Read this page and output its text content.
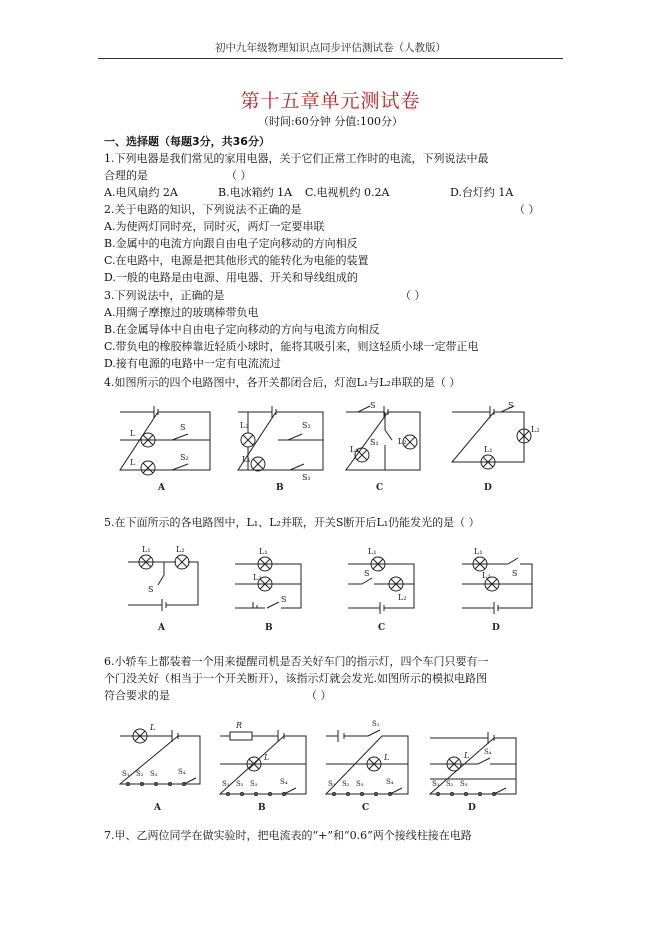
初中九年级物理知识点同步评估测试卷（人教版）
第十五章单元测试卷
（时间:60分钟 分值:100分）
一、选择题（每题3分，共36分）
1.下列电器是我们常见的家用电器，关于它们正常工作时的电流，下列说法中最
合理的是	（ ）
A.电风扇约 2A	B.电冰箱约 1A C.电视机约 0.2A	D.台灯约 1A
2.关于电路的知识，下列说法不正确的是	（ ）
A.为使两灯同时亮，同时灭，两灯一定要串联
B.金属中的电流方向跟自由电子定向移动的方向相反
C.在电路中，电源是把其他形式的能转化为电能的装置
D.一般的电路是由电源、用电器、开关和导线组成的
3.下列说法中，正确的是	（ ）
A.用绸子摩擦过的玻璃棒带负电
B.在金属导体中自由电子定向移动的方向与电流方向相反
C.带负电的橡胶棒靠近轻质小球时，能将其吸引来，则这轻质小球一定带正电
D.接有电源的电路中一定有电流流过
4.如图所示的四个电路图中，各开关都闭合后，灯泡L₁与L₂串联的是（ ）
L
L
S
S₂
A
L₂
L₁
S₂
S₁
B
S
S₁ L₂
L₁
C
S
L₂
L₁
D
5.在下面所示的各电路图中，L₁、L₂并联，开关S断开后L₁仍能发光的是（ ）
L₁	L₂
S
A
L₁
L₂
S
B
L₁
S
L₂
C
L₁
L₂	S
D
6.小轿车上都装着一个用来提醒司机是否关好车门的指示灯，四个车门只要有一
个门没关好（相当于一个开关断开），该指示灯就会发光.如图所示的模拟电路图
符合要求的是	（ ）
L
S₁ S₂ S₃	S₄
A
R
L
S₁ S₂ S₃	S₄
B
S₁
L
S₁ S₂ S₃	S₄
C
L S₄
S₁ S₂ S₃
D
7.甲、乙两位同学在做实验时，把电流表的“+”和“0.6”两个接线柱接在电路
